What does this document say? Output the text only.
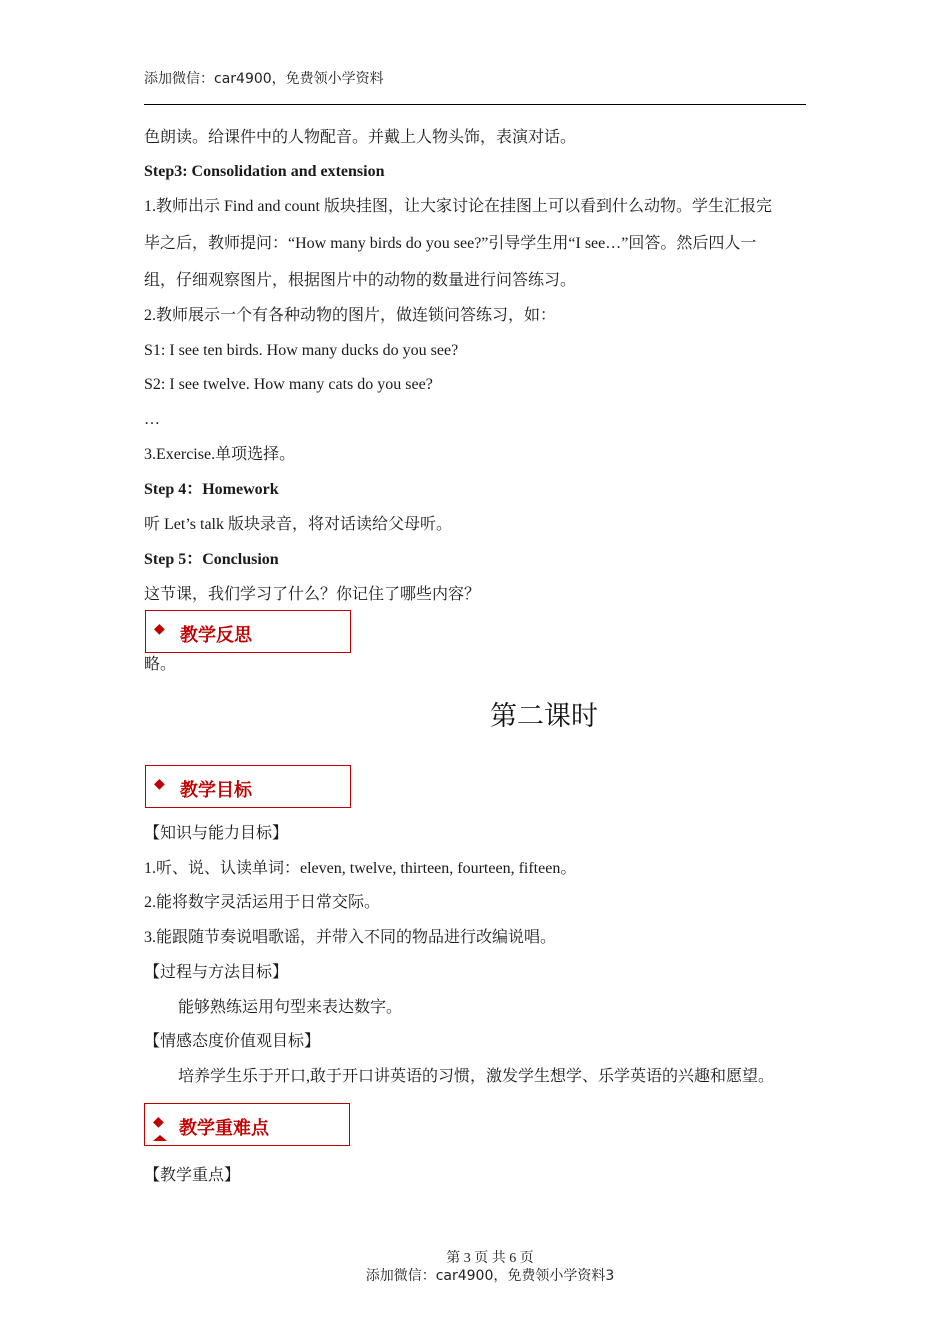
添加微信：car4900，免费领小学资料
色朗读。给课件中的人物配音。并戴上人物头饰，表演对话。
Step3: Consolidation and extension
1.教师出示 Find and count 版块挂图，让大家讨论在挂图上可以看到什么动物。学生汇报完
毕之后，教师提问：“How many birds do you see?”引导学生用“I see…”回答。然后四人一
组，仔细观察图片，根据图片中的动物的数量进行问答练习。
2.教师展示一个有各种动物的图片，做连锁问答练习，如：
S1: I see ten birds. How many ducks do you see?
S2: I see twelve. How many cats do you see?
…
3.Exercise.单项选择。
Step 4：Homework
听 Let’s talk 版块录音，将对话读给父母听。
Step 5：Conclusion
这节课，我们学习了什么？你记住了哪些内容？
◆ 教学反思
略。
第二课时
◆ 教学目标
【知识与能力目标】
1.听、说、认读单词：eleven, twelve, thirteen, fourteen, fifteen。
2.能将数字灵活运用于日常交际。
3.能跟随节奏说唱歌谣，并带入不同的物品进行改编说唱。
【过程与方法目标】
能够熟练运用句型来表达数字。
【情感态度价值观目标】
培养学生乐于开口,敢于开口讲英语的习惯，激发学生想学、乐学英语的兴趣和愿望。
◆ 教学重难点
【教学重点】
第 3 页 共 6 页
添加微信：car4900，免费领小学资料3
